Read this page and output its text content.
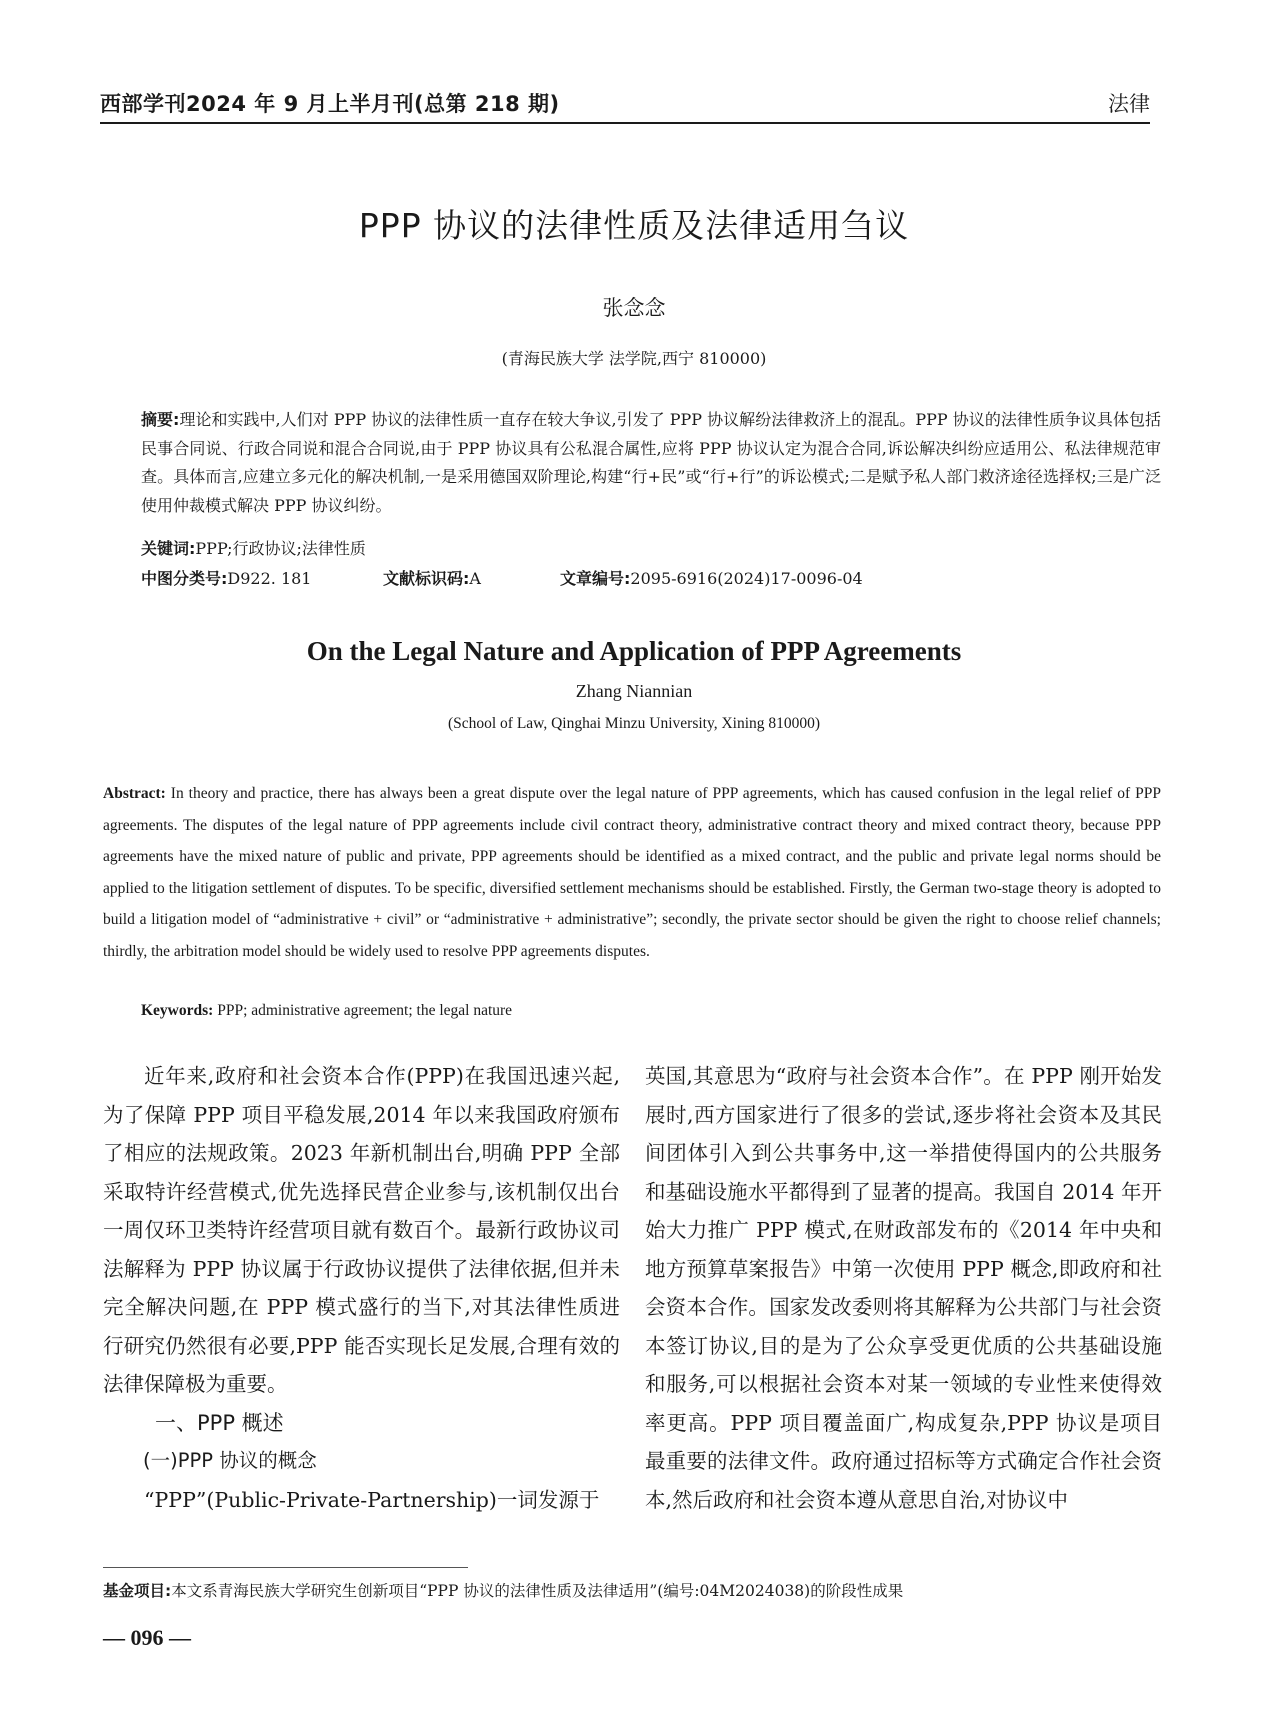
西部学刊2024 年 9 月上半月刊(总第 218 期)	法律
PPP 协议的法律性质及法律适用刍议
张念念
(青海民族大学 法学院,西宁 810000)
摘要:理论和实践中,人们对 PPP 协议的法律性质一直存在较大争议,引发了 PPP 协议解纷法律救济上的混乱。PPP 协议的法律性质争议具体包括民事合同说、行政合同说和混合合同说,由于 PPP 协议具有公私混合属性,应将 PPP 协议认定为混合合同,诉讼解决纠纷应适用公、私法律规范审查。具体而言,应建立多元化的解决机制,一是采用德国双阶理论,构建“行+民”或“行+行”的诉讼模式;二是赋予私人部门救济途径选择权;三是广泛使用仲裁模式解决 PPP 协议纠纷。
关键词:PPP;行政协议;法律性质
中图分类号:D922. 181	文献标识码:A	文章编号:2095-6916(2024)17-0096-04
On the Legal Nature and Application of PPP Agreements
Zhang Niannian
(School of Law, Qinghai Minzu University, Xining 810000)
Abstract: In theory and practice, there has always been a great dispute over the legal nature of PPP agreements, which has caused confusion in the legal relief of PPP agreements. The disputes of the legal nature of PPP agreements include civil contract theory, administrative contract theory and mixed contract theory, because PPP agreements have the mixed nature of public and private, PPP agreements should be identified as a mixed contract, and the public and private legal norms should be applied to the litigation settlement of disputes. To be specific, diversified settlement mechanisms should be established. Firstly, the German two-stage theory is adopted to build a litigation model of “administrative + civil” or “administrative + administrative”; secondly, the private sector should be given the right to choose relief channels; thirdly, the arbitration model should be widely used to resolve PPP agreements disputes.
Keywords: PPP; administrative agreement; the legal nature

近年来,政府和社会资本合作(PPP)在我国迅速兴起,为了保障 PPP 项目平稳发展,2014 年以来我国政府颁布了相应的法规政策。2023 年新机制出台,明确 PPP 全部采取特许经营模式,优先选择民营企业参与,该机制仅出台一周仅环卫类特许经营项目就有数百个。最新行政协议司法解释为 PPP 协议属于行政协议提供了法律依据,但并未完全解决问题,在 PPP 模式盛行的当下,对其法律性质进行研究仍然很有必要,PPP 能否实现长足发展,合理有效的法律保障极为重要。

一、PPP 概述

(一)PPP 协议的概念

“PPP”(Public-Private-Partnership)一词发源于

英国,其意思为“政府与社会资本合作”。在 PPP 刚开始发展时,西方国家进行了很多的尝试,逐步将社会资本及其民间团体引入到公共事务中,这一举措使得国内的公共服务和基础设施水平都得到了显著的提高。我国自 2014 年开始大力推广 PPP 模式,在财政部发布的《2014 年中央和地方预算草案报告》中第一次使用 PPP 概念,即政府和社会资本合作。国家发改委则将其解释为公共部门与社会资本签订协议,目的是为了公众享受更优质的公共基础设施和服务,可以根据社会资本对某一领域的专业性来使得效率更高。PPP 项目覆盖面广,构成复杂,PPP 协议是项目最重要的法律文件。政府通过招标等方式确定合作社会资本,然后政府和社会资本遵从意思自治,对协议中

基金项目:本文系青海民族大学研究生创新项目“PPP 协议的法律性质及法律适用”(编号:04M2024038)的阶段性成果
— 096 —
